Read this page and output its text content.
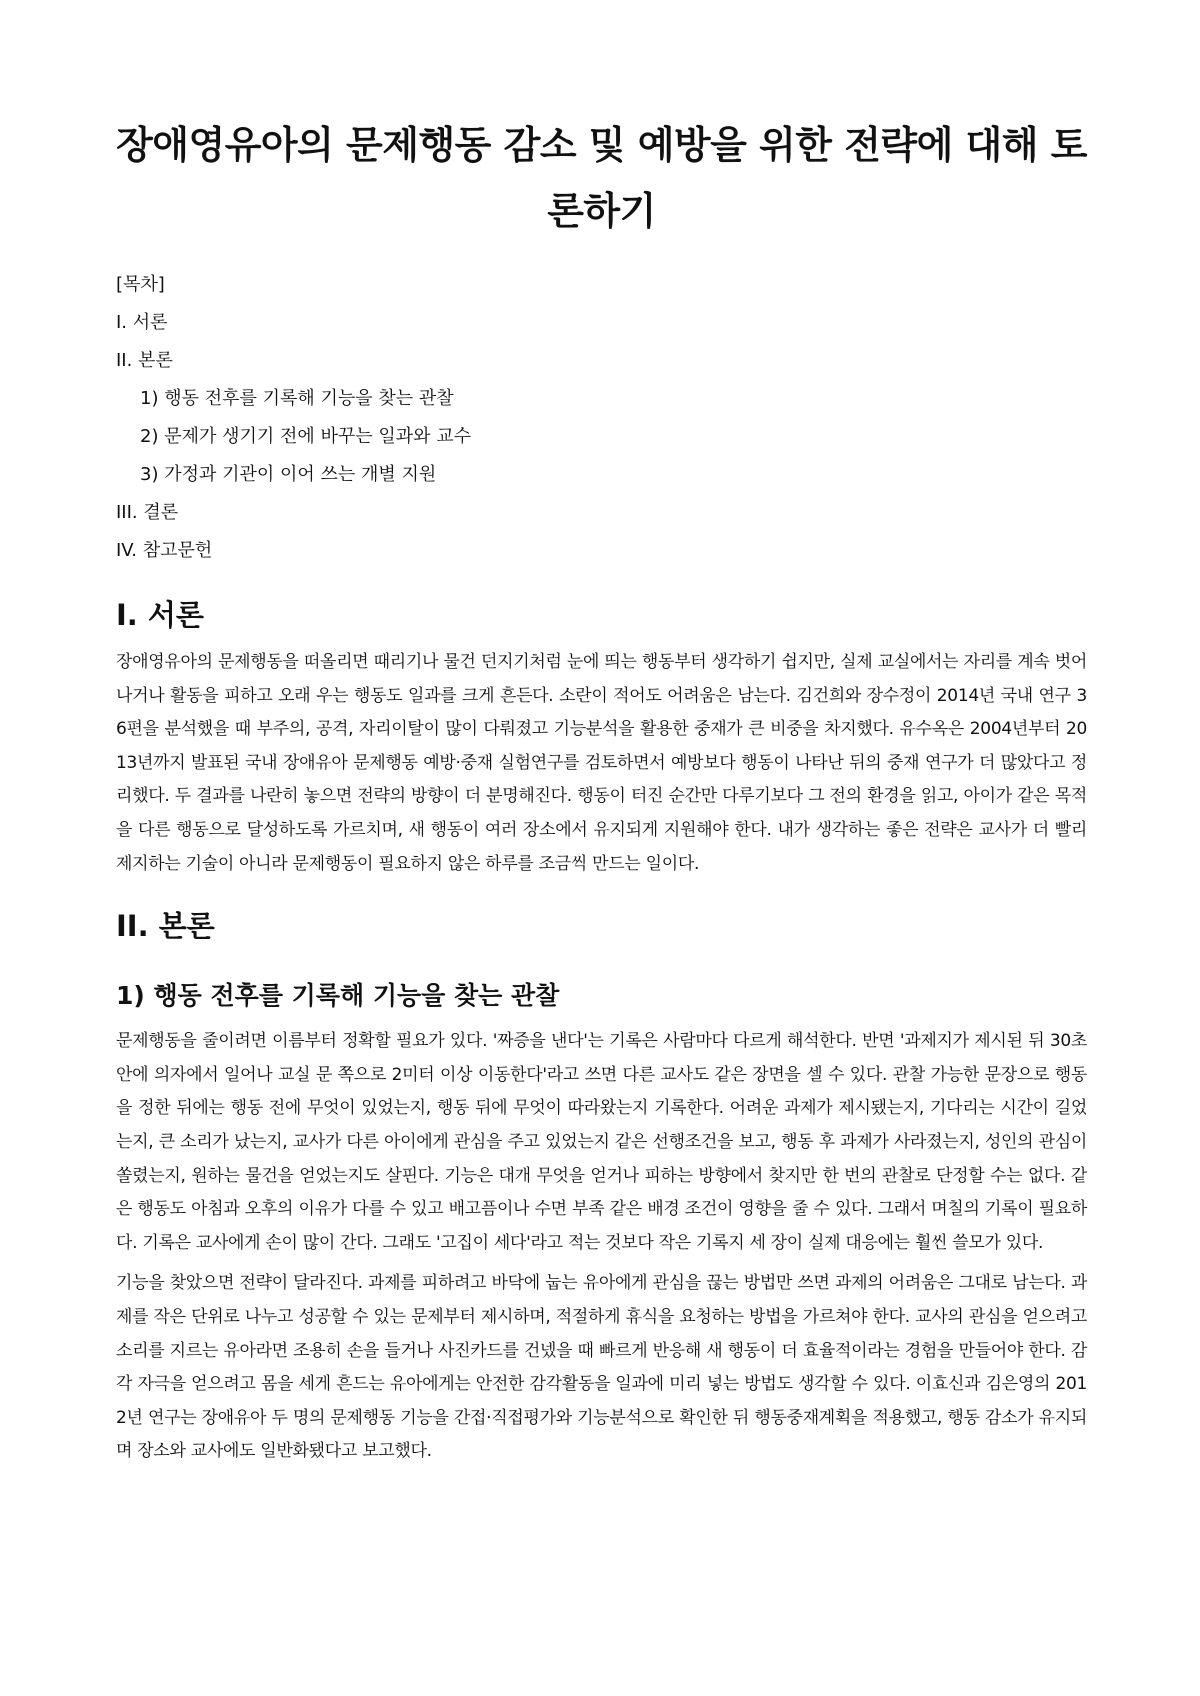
장애영유아의 문제행동 감소 및 예방을 위한 전략에 대해 토론하기
[목차]
I. 서론
II. 본론
1) 행동 전후를 기록해 기능을 찾는 관찰
2) 문제가 생기기 전에 바꾸는 일과와 교수
3) 가정과 기관이 이어 쓰는 개별 지원
III. 결론
IV. 참고문헌
I. 서론

장애영유아의 문제행동을 떠올리면 때리기나 물건 던지기처럼 눈에 띄는 행동부터 생각하기 쉽지만, 실제 교실에서는 자리를 계속 벗어나거나 활동을 피하고 오래 우는 행동도 일과를 크게 흔든다. 소란이 적어도 어려움은 남는다. 김건희와 장수정이 2014년 국내 연구 36편을 분석했을 때 부주의, 공격, 자리이탈이 많이 다뤄졌고 기능분석을 활용한 중재가 큰 비중을 차지했다. 유수옥은 2004년부터 2013년까지 발표된 국내 장애유아 문제행동 예방·중재 실험연구를 검토하면서 예방보다 행동이 나타난 뒤의 중재 연구가 더 많았다고 정리했다. 두 결과를 나란히 놓으면 전략의 방향이 더 분명해진다. 행동이 터진 순간만 다루기보다 그 전의 환경을 읽고, 아이가 같은 목적을 다른 행동으로 달성하도록 가르치며, 새 행동이 여러 장소에서 유지되게 지원해야 한다. 내가 생각하는 좋은 전략은 교사가 더 빨리 제지하는 기술이 아니라 문제행동이 필요하지 않은 하루를 조금씩 만드는 일이다.

II. 본론
1) 행동 전후를 기록해 기능을 찾는 관찰

문제행동을 줄이려면 이름부터 정확할 필요가 있다. '짜증을 낸다'는 기록은 사람마다 다르게 해석한다. 반면 '과제지가 제시된 뒤 30초 안에 의자에서 일어나 교실 문 쪽으로 2미터 이상 이동한다'라고 쓰면 다른 교사도 같은 장면을 셀 수 있다. 관찰 가능한 문장으로 행동을 정한 뒤에는 행동 전에 무엇이 있었는지, 행동 뒤에 무엇이 따라왔는지 기록한다. 어려운 과제가 제시됐는지, 기다리는 시간이 길었는지, 큰 소리가 났는지, 교사가 다른 아이에게 관심을 주고 있었는지 같은 선행조건을 보고, 행동 후 과제가 사라졌는지, 성인의 관심이 쏠렸는지, 원하는 물건을 얻었는지도 살핀다. 기능은 대개 무엇을 얻거나 피하는 방향에서 찾지만 한 번의 관찰로 단정할 수는 없다. 같은 행동도 아침과 오후의 이유가 다를 수 있고 배고픔이나 수면 부족 같은 배경 조건이 영향을 줄 수 있다. 그래서 며칠의 기록이 필요하다. 기록은 교사에게 손이 많이 간다. 그래도 '고집이 세다'라고 적는 것보다 작은 기록지 세 장이 실제 대응에는 훨씬 쓸모가 있다.

기능을 찾았으면 전략이 달라진다. 과제를 피하려고 바닥에 눕는 유아에게 관심을 끊는 방법만 쓰면 과제의 어려움은 그대로 남는다. 과제를 작은 단위로 나누고 성공할 수 있는 문제부터 제시하며, 적절하게 휴식을 요청하는 방법을 가르쳐야 한다. 교사의 관심을 얻으려고 소리를 지르는 유아라면 조용히 손을 들거나 사진카드를 건넸을 때 빠르게 반응해 새 행동이 더 효율적이라는 경험을 만들어야 한다. 감각 자극을 얻으려고 몸을 세게 흔드는 유아에게는 안전한 감각활동을 일과에 미리 넣는 방법도 생각할 수 있다. 이효신과 김은영의 2012년 연구는 장애유아 두 명의 문제행동 기능을 간접·직접평가와 기능분석으로 확인한 뒤 행동중재계획을 적용했고, 행동 감소가 유지되며 장소와 교사에도 일반화됐다고 보고했다.
